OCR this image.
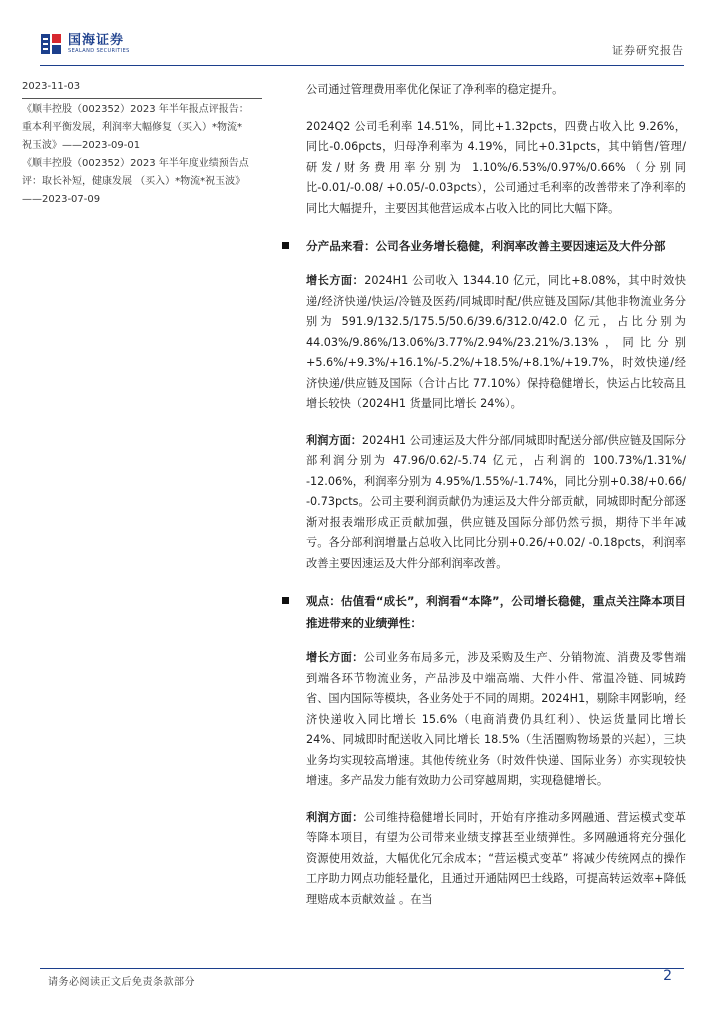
国海证券
SEALAND SECURITIES	证券研究报告
2023-11-03
《顺丰控股（002352）2023 年半年报点评报告：
重本利平衡发展，利润率大幅修复（买入）*物流*
祝玉波》——2023-09-01
《顺丰控股（002352）2023 年半年度业绩预告点
评：取长补短，健康发展 （买入）*物流*祝玉波》
——2023-07-09

公司通过管理费用率优化保证了净利率的稳定提升。

2024Q2 公司毛利率 14.51%，同比+1.32pcts，四费占收入比 9.26%，同比-0.06pcts，归母净利率为 4.19%，同比+0.31pcts，其中销售/管理/研发/财务费用率分别为 1.10%/6.53%/0.97%/0.66%（分别同比-0.01/-0.08/ +0.05/-0.03pcts），公司通过毛利率的改善带来了净利率的同比大幅提升，主要因其他营运成本占收入比的同比大幅下降。

分产品来看：公司各业务增长稳健，利润率改善主要因速运及大件分部

增长方面：2024H1 公司收入 1344.10 亿元，同比+8.08%，其中时效快递/经济快递/快运/冷链及医药/同城即时配/供应链及国际/其他非物流业务分别为 591.9/132.5/175.5/50.6/39.6/312.0/42.0 亿元，占比分别为 44.03%/9.86%/13.06%/3.77%/2.94%/23.21%/3.13%，同比分别+5.6%/+9.3%/+16.1%/-5.2%/+18.5%/+8.1%/+19.7%，时效快递/经济快递/供应链及国际（合计占比 77.10%）保持稳健增长，快运占比较高且增长较快（2024H1 货量同比增长 24%）。

利润方面：2024H1 公司速运及大件分部/同城即时配送分部/供应链及国际分部利润分别为 47.96/0.62/-5.74 亿元，占利润的 100.73%/1.31%/ -12.06%，利润率分别为 4.95%/1.55%/-1.74%，同比分别+0.38/+0.66/ -0.73pcts。公司主要利润贡献仍为速运及大件分部贡献，同城即时配分部逐渐对报表端形成正贡献加强，供应链及国际分部仍然亏损，期待下半年减亏。各分部利润增量占总收入比同比分别+0.26/+0.02/ -0.18pcts，利润率改善主要因速运及大件分部利润率改善。

观点：估值看“成长”，利润看“本降”，公司增长稳健，重点关注降本项目推进带来的业绩弹性：

增长方面：公司业务布局多元，涉及采购及生产、分销物流、消费及零售端到端各环节物流业务，产品涉及中端高端、大件小件、常温冷链、同城跨省、国内国际等模块，各业务处于不同的周期。2024H1，剔除丰网影响，经济快递收入同比增长 15.6%（电商消费仍具红利）、快运货量同比增长 24%、同城即时配送收入同比增长 18.5%（生活圈购物场景的兴起），三块业务均实现较高增速。其他传统业务（时效件快递、国际业务）亦实现较快增速。多产品发力能有效助力公司穿越周期，实现稳健增长。

利润方面：公司维持稳健增长同时，开始有序推动多网融通、营运模式变革等降本项目，有望为公司带来业绩支撑甚至业绩弹性。多网融通将充分强化资源使用效益，大幅优化冗余成本；“营运模式变革” 将减少传统网点的操作工序助力网点功能轻量化，且通过开通陆网巴士线路，可提高转运效率+降低理赔成本贡献效益 。在当

请务必阅读正文后免责条款部分	2
